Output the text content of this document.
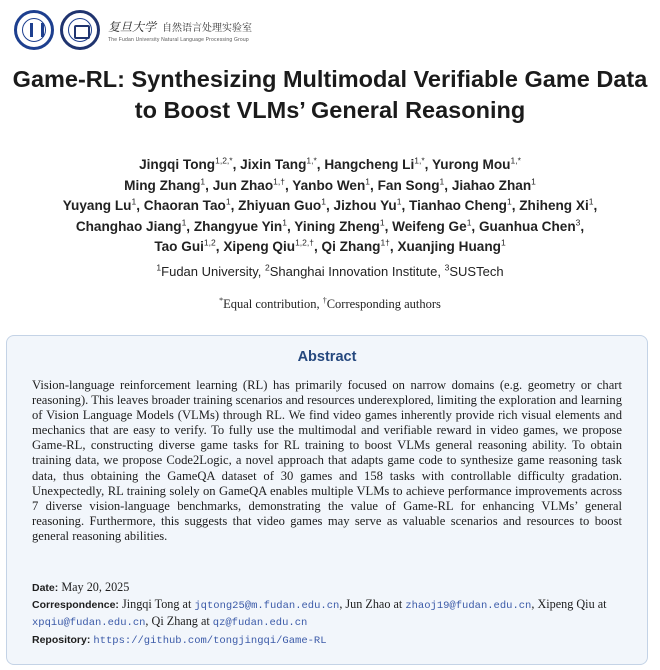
复旦大学 自然语言处理实验室
The Fudan University Natural Language Processing Group
Game-RL: Synthesizing Multimodal Verifiable Game Data
to Boost VLMs’ General Reasoning
Jingqi Tong$^{1,2,*}$, Jixin Tang$^{1,*}$, Hangcheng $Li^{1,*}$, Yurong Mou$^{1,*}$
Ming Zhang$^1$, Jun Zhao$^{1,\dagger}$, Yanbo Wen$^1$, Fan Song$^1$, Jiahao Zhan$^1$
Yuyang Lu$^1$, Chaoran Tao$^1$, Zhiyuan Guo$^1$, Jizhou Yu$^1$, Tianhao Cheng$^1$, Zhiheng Xi$^1$,
Changhao Jiang$^1$, Zhangyue Yin$^1$, Yining Zheng$^1$, Weifeng Ge$^1$, Guanhua Chen$^3$,
Tao Gui$^{1,2}$, Xipeng Qiu$^{1,2,\dagger}$, Qi Zhang$^{1\dagger}$, Xuanjing Huang$^1$
$^1$Fudan University, $^2$Shanghai Innovation Institute, $^3$SUSTech
*Equal contribution, †Corresponding authors
Abstract
Vision-language reinforcement learning (RL) has primarily focused on narrow domains (e.g. geometry or chart reasoning). This leaves broader training scenarios and resources underexplored, limiting the exploration and learning of Vision Language Models (VLMs) through RL. We find video games inherently provide rich visual elements and mechanics that are easy to verify. To fully use the multimodal and verifiable reward in video games, we propose Game-RL, constructing diverse game tasks for RL training to boost VLMs general reasoning ability. To obtain training data, we propose Code2Logic, a novel approach that adapts game code to synthesize game reasoning task data, thus obtaining the GameQA dataset of 30 games and 158 tasks with controllable difficulty gradation. Unexpectedly, RL training solely on GameQA enables multiple VLMs to achieve performance improvements across 7 diverse vision-language benchmarks, demonstrating the value of Game-RL for enhancing VLMs’ general reasoning. Furthermore, this suggests that video games may serve as valuable scenarios and resources to boost general reasoning abilities.
Date: May 20, 2025
Correspondence: Jingqi Tong at jqtong25@m.fudan.edu.cn, Jun Zhao at zhaoj19@fudan.edu.cn, Xipeng Qiu at xpqiu@fudan.edu.cn, Qi Zhang at qz@fudan.edu.cn
Repository: https://github.com/tongjingqi/Game-RL
